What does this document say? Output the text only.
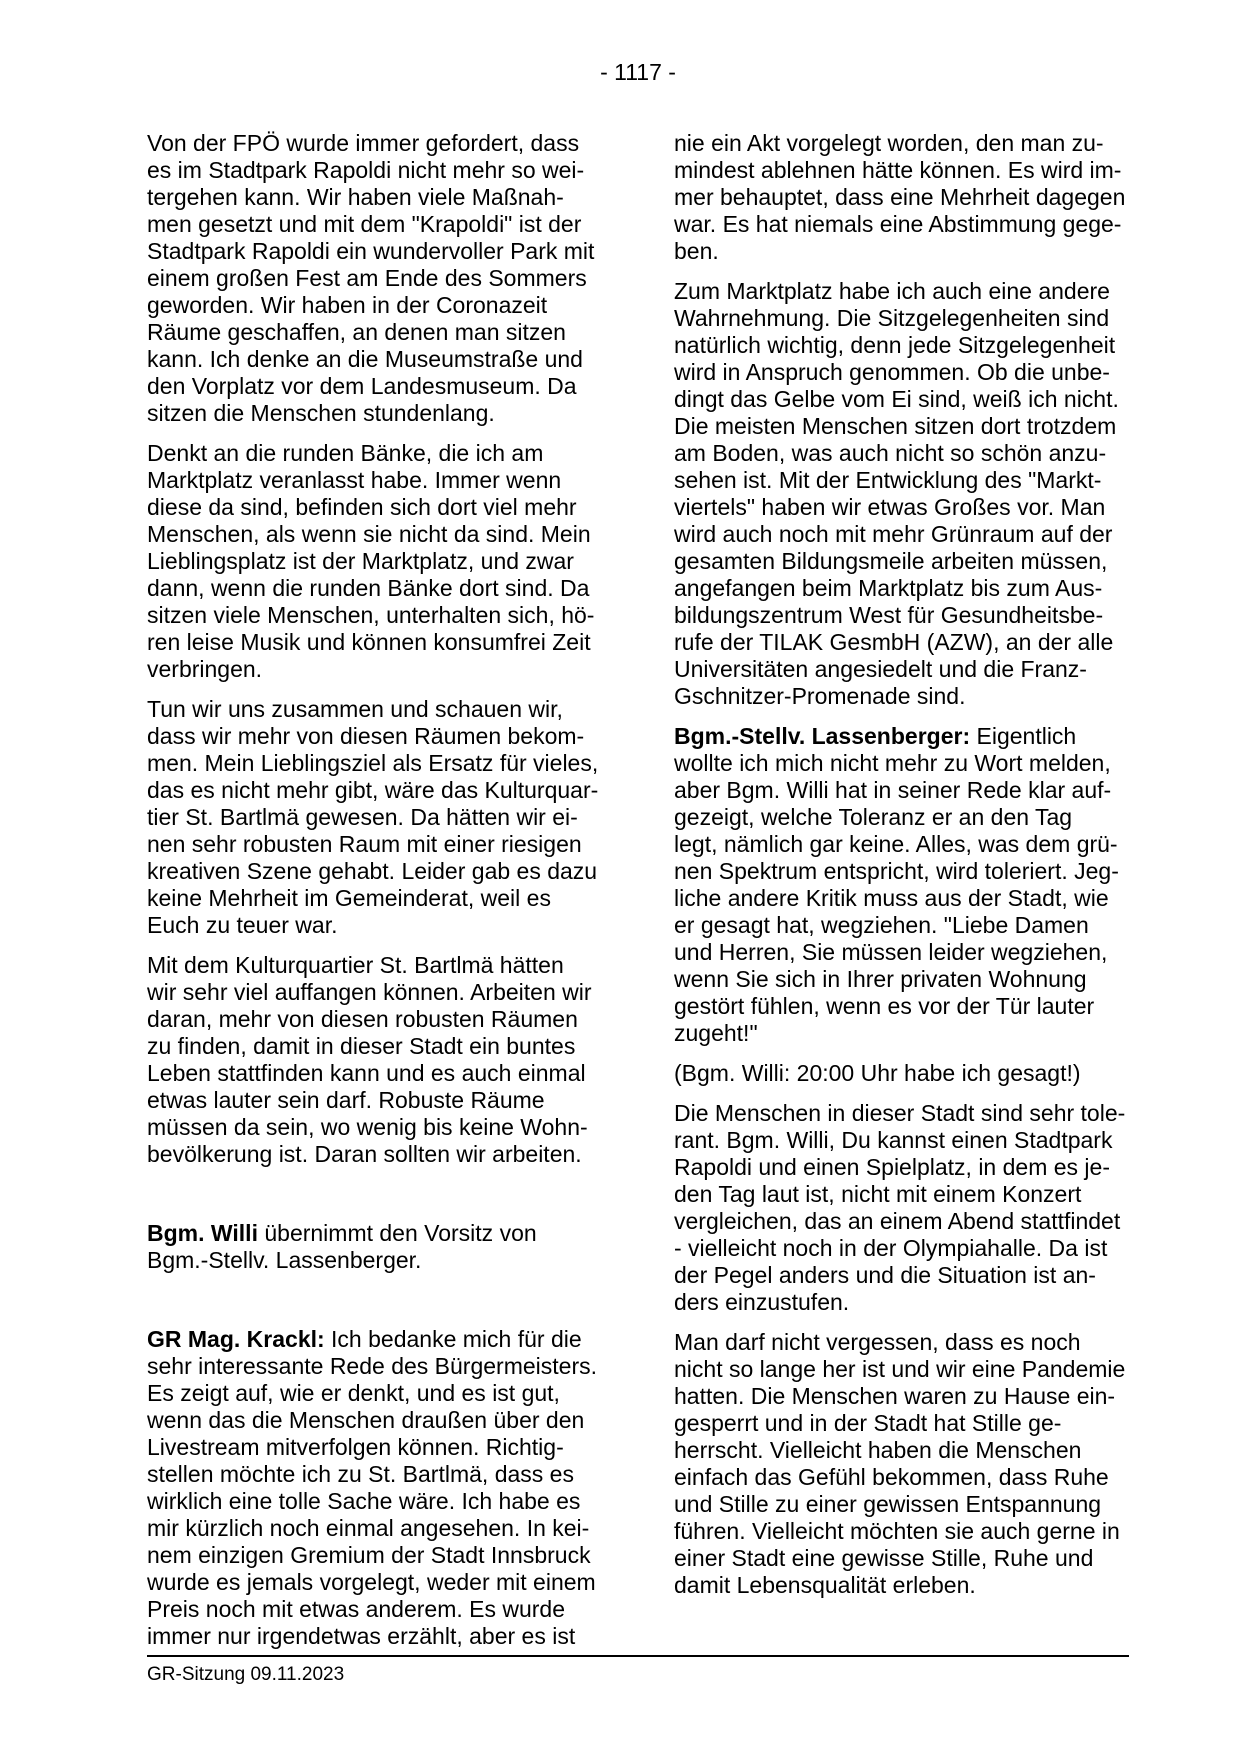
- 1117 -
Von der FPÖ wurde immer gefordert, dass
es im Stadtpark Rapoldi nicht mehr so wei-
tergehen kann. Wir haben viele Maßnah-
men gesetzt und mit dem "Krapoldi" ist der
Stadtpark Rapoldi ein wundervoller Park mit
einem großen Fest am Ende des Sommers
geworden. Wir haben in der Coronazeit
Räume geschaffen, an denen man sitzen
kann. Ich denke an die Museumstraße und
den Vorplatz vor dem Landesmuseum. Da
sitzen die Menschen stundenlang.
Denkt an die runden Bänke, die ich am
Marktplatz veranlasst habe. Immer wenn
diese da sind, befinden sich dort viel mehr
Menschen, als wenn sie nicht da sind. Mein
Lieblingsplatz ist der Marktplatz, und zwar
dann, wenn die runden Bänke dort sind. Da
sitzen viele Menschen, unterhalten sich, hö-
ren leise Musik und können konsumfrei Zeit
verbringen.
Tun wir uns zusammen und schauen wir,
dass wir mehr von diesen Räumen bekom-
men. Mein Lieblingsziel als Ersatz für vieles,
das es nicht mehr gibt, wäre das Kulturquar-
tier St. Bartlmä gewesen. Da hätten wir ei-
nen sehr robusten Raum mit einer riesigen
kreativen Szene gehabt. Leider gab es dazu
keine Mehrheit im Gemeinderat, weil es
Euch zu teuer war.
Mit dem Kulturquartier St. Bartlmä hätten
wir sehr viel auffangen können. Arbeiten wir
daran, mehr von diesen robusten Räumen
zu finden, damit in dieser Stadt ein buntes
Leben stattfinden kann und es auch einmal
etwas lauter sein darf. Robuste Räume
müssen da sein, wo wenig bis keine Wohn-
bevölkerung ist. Daran sollten wir arbeiten.
Bgm. Willi übernimmt den Vorsitz von
Bgm.-Stellv. Lassenberger.
GR Mag. Krackl: Ich bedanke mich für die
sehr interessante Rede des Bürgermeisters.
Es zeigt auf, wie er denkt, und es ist gut,
wenn das die Menschen draußen über den
Livestream mitverfolgen können. Richtig-
stellen möchte ich zu St. Bartlmä, dass es
wirklich eine tolle Sache wäre. Ich habe es
mir kürzlich noch einmal angesehen. In kei-
nem einzigen Gremium der Stadt Innsbruck
wurde es jemals vorgelegt, weder mit einem
Preis noch mit etwas anderem. Es wurde
immer nur irgendetwas erzählt, aber es ist
nie ein Akt vorgelegt worden, den man zu-
mindest ablehnen hätte können. Es wird im-
mer behauptet, dass eine Mehrheit dagegen
war. Es hat niemals eine Abstimmung gege-
ben.
Zum Marktplatz habe ich auch eine andere
Wahrnehmung. Die Sitzgelegenheiten sind
natürlich wichtig, denn jede Sitzgelegenheit
wird in Anspruch genommen. Ob die unbe-
dingt das Gelbe vom Ei sind, weiß ich nicht.
Die meisten Menschen sitzen dort trotzdem
am Boden, was auch nicht so schön anzu-
sehen ist. Mit der Entwicklung des "Markt-
viertels" haben wir etwas Großes vor. Man
wird auch noch mit mehr Grünraum auf der
gesamten Bildungsmeile arbeiten müssen,
angefangen beim Marktplatz bis zum Aus-
bildungszentrum West für Gesundheitsbe-
rufe der TILAK GesmbH (AZW), an der alle
Universitäten angesiedelt und die Franz-
Gschnitzer-Promenade sind.
Bgm.-Stellv. Lassenberger: Eigentlich
wollte ich mich nicht mehr zu Wort melden,
aber Bgm. Willi hat in seiner Rede klar auf-
gezeigt, welche Toleranz er an den Tag
legt, nämlich gar keine. Alles, was dem grü-
nen Spektrum entspricht, wird toleriert. Jeg-
liche andere Kritik muss aus der Stadt, wie
er gesagt hat, wegziehen. "Liebe Damen
und Herren, Sie müssen leider wegziehen,
wenn Sie sich in Ihrer privaten Wohnung
gestört fühlen, wenn es vor der Tür lauter
zugeht!"
(Bgm. Willi: 20:00 Uhr habe ich gesagt!)
Die Menschen in dieser Stadt sind sehr tole-
rant. Bgm. Willi, Du kannst einen Stadtpark
Rapoldi und einen Spielplatz, in dem es je-
den Tag laut ist, nicht mit einem Konzert
vergleichen, das an einem Abend stattfindet
- vielleicht noch in der Olympiahalle. Da ist
der Pegel anders und die Situation ist an-
ders einzustufen.
Man darf nicht vergessen, dass es noch
nicht so lange her ist und wir eine Pandemie
hatten. Die Menschen waren zu Hause ein-
gesperrt und in der Stadt hat Stille ge-
herrscht. Vielleicht haben die Menschen
einfach das Gefühl bekommen, dass Ruhe
und Stille zu einer gewissen Entspannung
führen. Vielleicht möchten sie auch gerne in
einer Stadt eine gewisse Stille, Ruhe und
damit Lebensqualität erleben.
GR-Sitzung 09.11.2023
